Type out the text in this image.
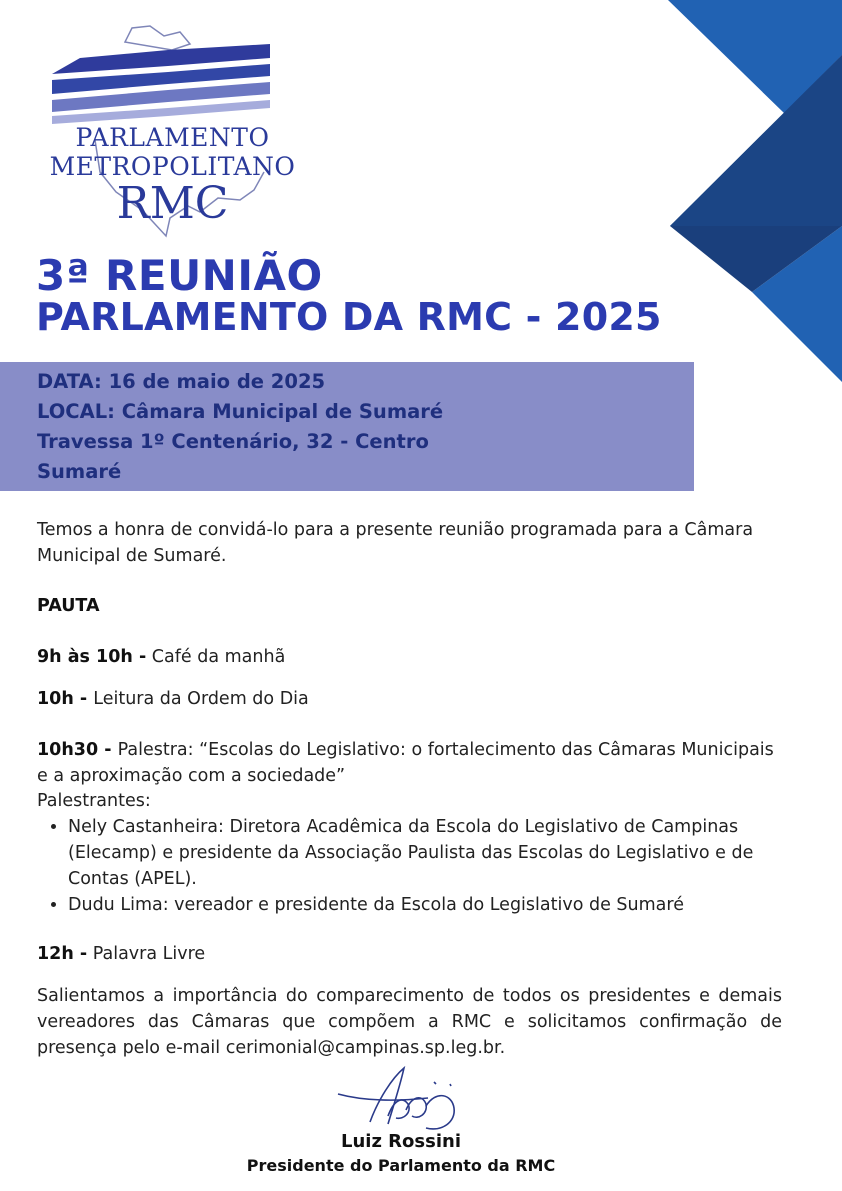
PARLAMENTO
METROPOLITANO
RMC
3ª REUNIÃO
PARLAMENTO DA RMC - 2025
DATA: 16 de maio de 2025
LOCAL: Câmara Municipal de Sumaré
Travessa 1º Centenário, 32 - Centro
Sumaré

Temos a honra de convidá-lo para a presente reunião programada para a Câmara Municipal de Sumaré.

PAUTA

9h às 10h - Café da manhã

10h - Leitura da Ordem do Dia

10h30 - Palestra: “Escolas do Legislativo: o fortalecimento das Câmaras Municipais e a aproximação com a sociedade”

Palestrantes:

• Nely Castanheira: Diretora Acadêmica da Escola do Legislativo de Campinas (Elecamp) e presidente da Associação Paulista das Escolas do Legislativo e de Contas (APEL).
• Dudu Lima: vereador e presidente da Escola do Legislativo de Sumaré

12h - Palavra Livre

Salientamos a importância do comparecimento de todos os presidentes e demais vereadores das Câmaras que compõem a RMC e solicitamos confirmação de presença pelo e-mail cerimonial@campinas.sp.leg.br.

Luiz Rossini
Presidente do Parlamento da RMC
